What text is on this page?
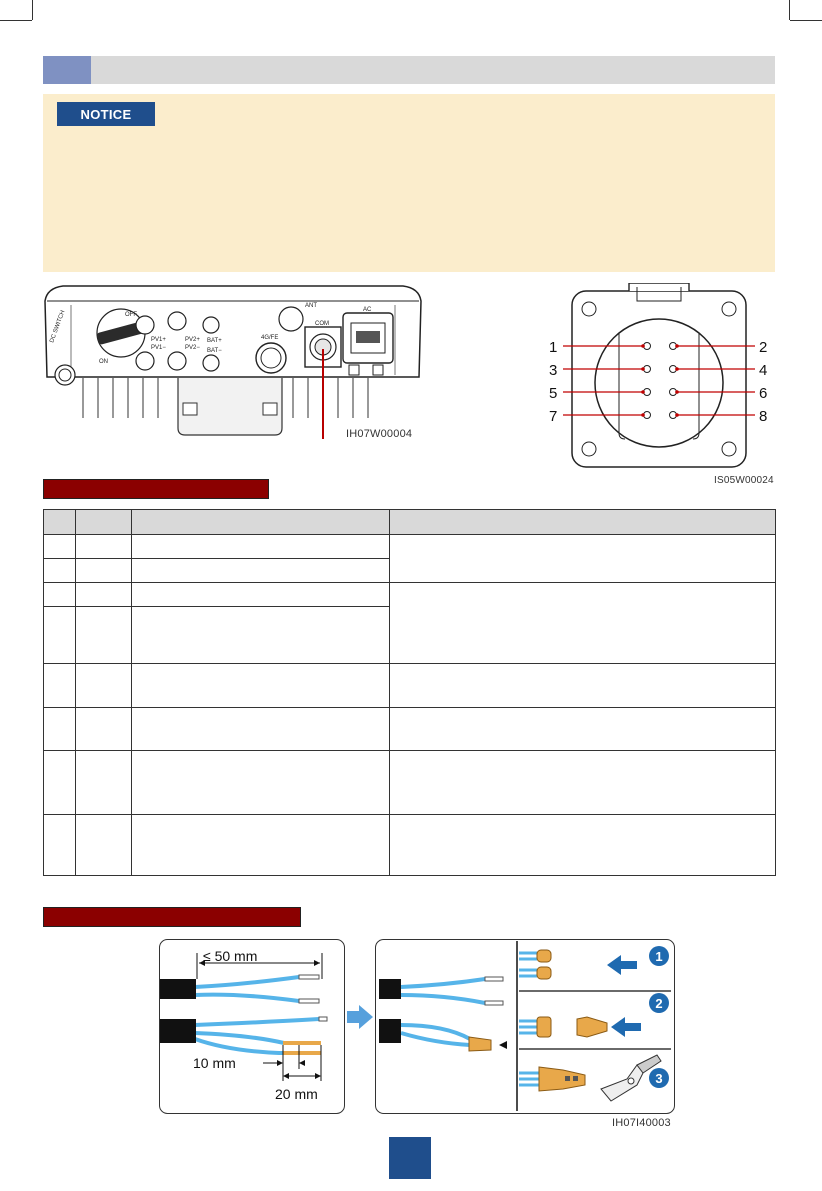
NOTICE
DC SWITCH	OFF
ON
PV1+
PV1−
PV2+
PV2−
BAT+
BAT−
4G/FE
ANT
COM
AC
IH07W00004
1	2
3	4
5	6
7	8
IS05W00024

≤ 50 mm
10 mm
20 mm
1
2
3
IH07I40003
